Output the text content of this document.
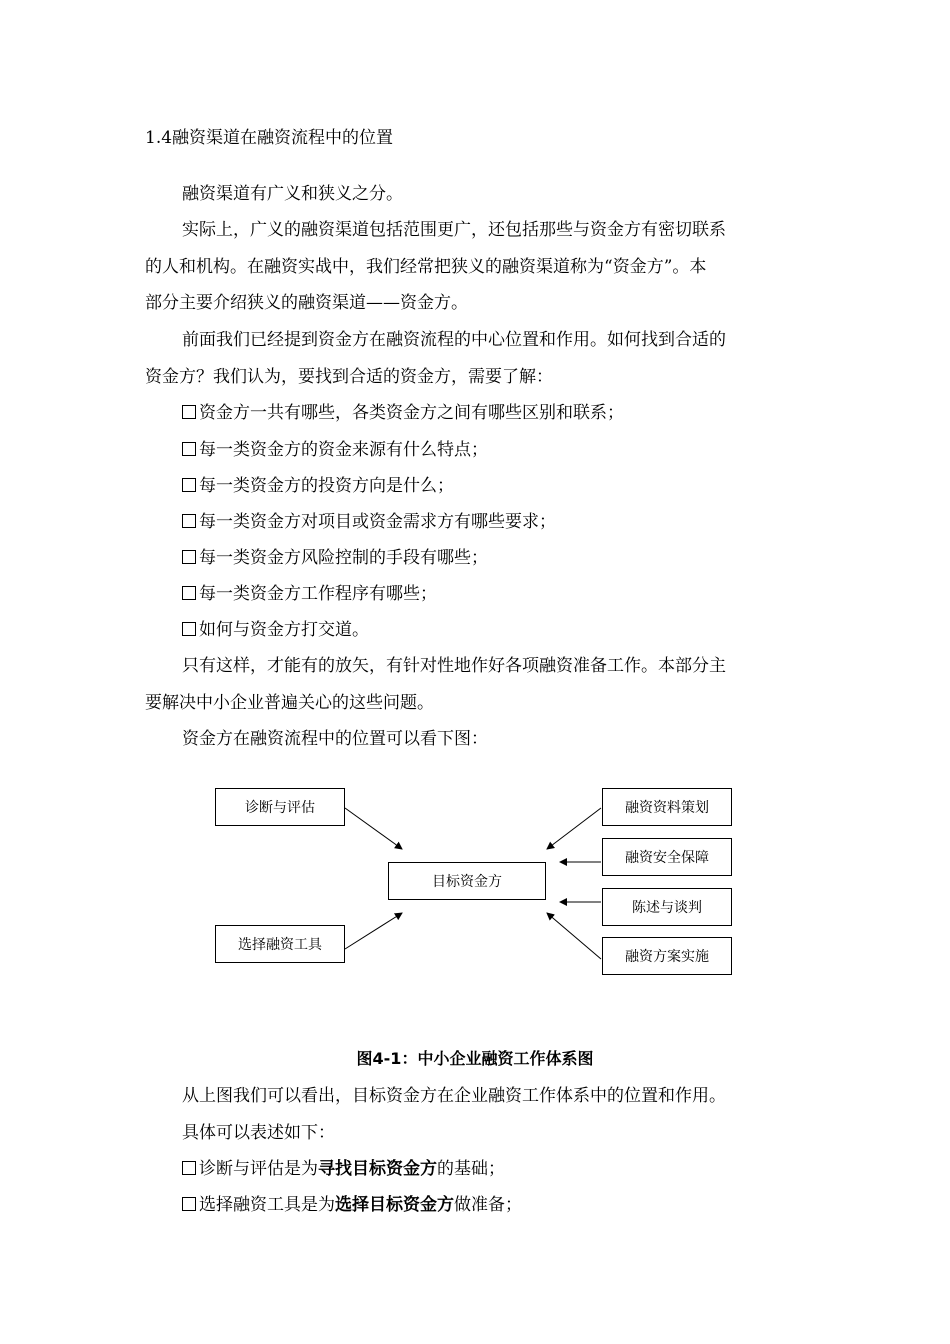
1.4融资渠道在融资流程中的位置
融资渠道有广义和狭义之分。
实际上，广义的融资渠道包括范围更广，还包括那些与资金方有密切联系
的人和机构。在融资实战中，我们经常把狭义的融资渠道称为“资金方”。本
部分主要介绍狭义的融资渠道——资金方。
前面我们已经提到资金方在融资流程的中心位置和作用。如何找到合适的
资金方？我们认为，要找到合适的资金方，需要了解：
资金方一共有哪些，各类资金方之间有哪些区别和联系；
每一类资金方的资金来源有什么特点；
每一类资金方的投资方向是什么；
每一类资金方对项目或资金需求方有哪些要求；
每一类资金方风险控制的手段有哪些；
每一类资金方工作程序有哪些；
如何与资金方打交道。
只有这样，才能有的放矢，有针对性地作好各项融资准备工作。本部分主
要解决中小企业普遍关心的这些问题。
资金方在融资流程中的位置可以看下图：
诊断与评估
选择融资工具
目标资金方
融资资料策划
融资安全保障
陈述与谈判
融资方案实施
图4-1：中小企业融资工作体系图
从上图我们可以看出，目标资金方在企业融资工作体系中的位置和作用。
具体可以表述如下：
诊断与评估是为寻找目标资金方的基础；
选择融资工具是为选择目标资金方做准备；
